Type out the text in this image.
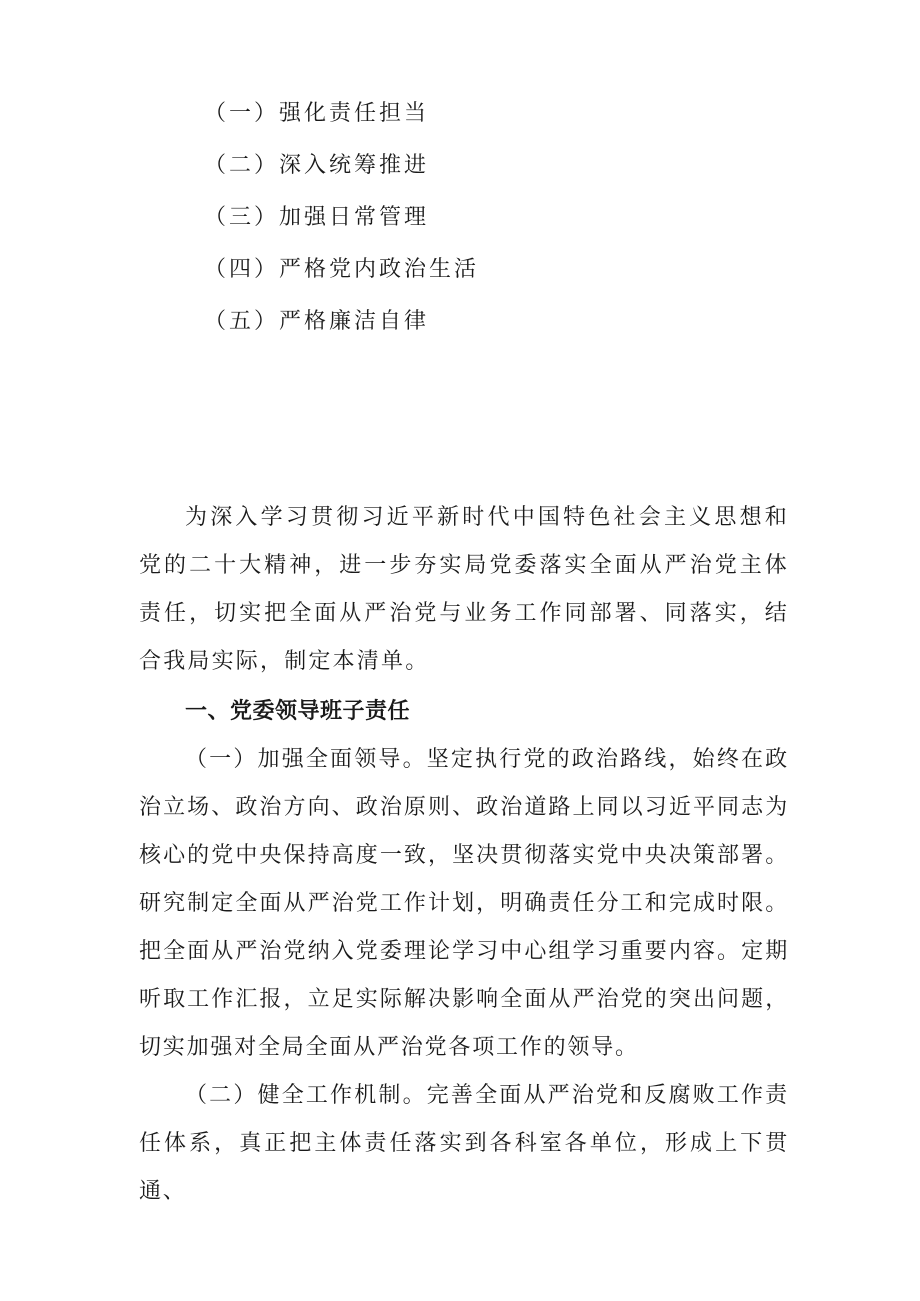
（一）强化责任担当
（二）深入统筹推进
（三）加强日常管理
（四）严格党内政治生活
（五）严格廉洁自律

为深入学习贯彻习近平新时代中国特色社会主义思想和党的二十大精神，进一步夯实局党委落实全面从严治党主体责任，切实把全面从严治党与业务工作同部署、同落实，结合我局实际，制定本清单。

一、党委领导班子责任

（一）加强全面领导。坚定执行党的政治路线，始终在政治立场、政治方向、政治原则、政治道路上同以习近平同志为核心的党中央保持高度一致，坚决贯彻落实党中央决策部署。研究制定全面从严治党工作计划，明确责任分工和完成时限。把全面从严治党纳入党委理论学习中心组学习重要内容。定期听取工作汇报，立足实际解决影响全面从严治党的突出问题，切实加强对全局全面从严治党各项工作的领导。

（二）健全工作机制。完善全面从严治党和反腐败工作责任体系，真正把主体责任落实到各科室各单位，形成上下贯通、
